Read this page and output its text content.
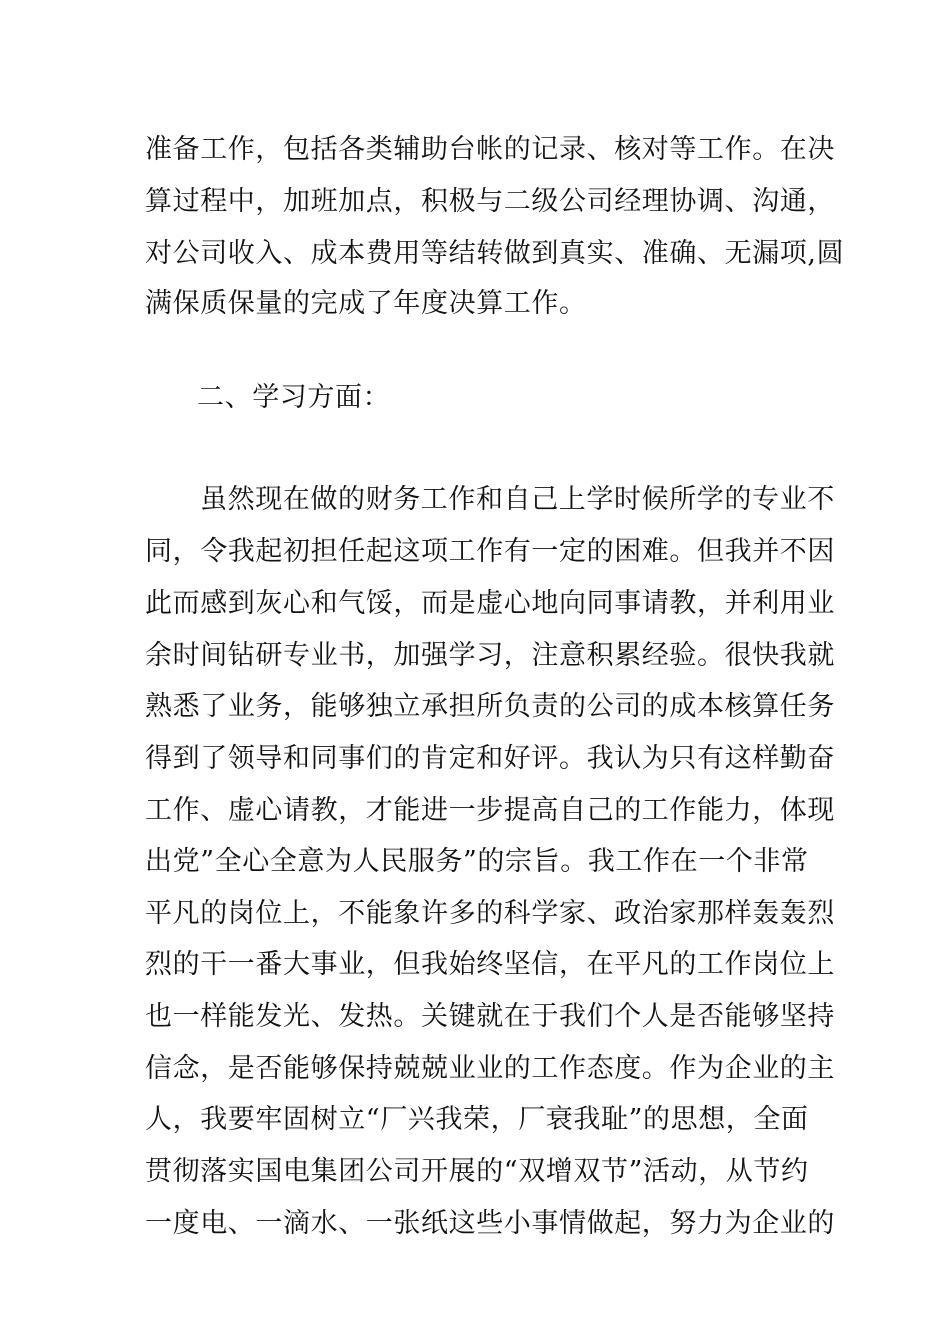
准备工作，包括各类辅助台帐的记录、核对等工作。在决
算过程中，加班加点，积极与二级公司经理协调、沟通，
对公司收入、成本费用等结转做到真实、准确、无漏项,圆
满保质保量的完成了年度决算工作。
二、学习方面：
虽然现在做的财务工作和自己上学时候所学的专业不
同，令我起初担任起这项工作有一定的困难。但我并不因
此而感到灰心和气馁，而是虚心地向同事请教，并利用业
余时间钻研专业书，加强学习，注意积累经验。很快我就
熟悉了业务，能够独立承担所负责的公司的成本核算任务
得到了领导和同事们的肯定和好评。我认为只有这样勤奋
工作、虚心请教，才能进一步提高自己的工作能力，体现
出党”全心全意为人民服务”的宗旨。我工作在一个非常
平凡的岗位上，不能象许多的科学家、政治家那样轰轰烈
烈的干一番大事业，但我始终坚信，在平凡的工作岗位上
也一样能发光、发热。关键就在于我们个人是否能够坚持
信念，是否能够保持兢兢业业的工作态度。作为企业的主
人，我要牢固树立“厂兴我荣，厂衰我耻”的思想，全面
贯彻落实国电集团公司开展的“双增双节”活动，从节约
一度电、一滴水、一张纸这些小事情做起，努力为企业的
